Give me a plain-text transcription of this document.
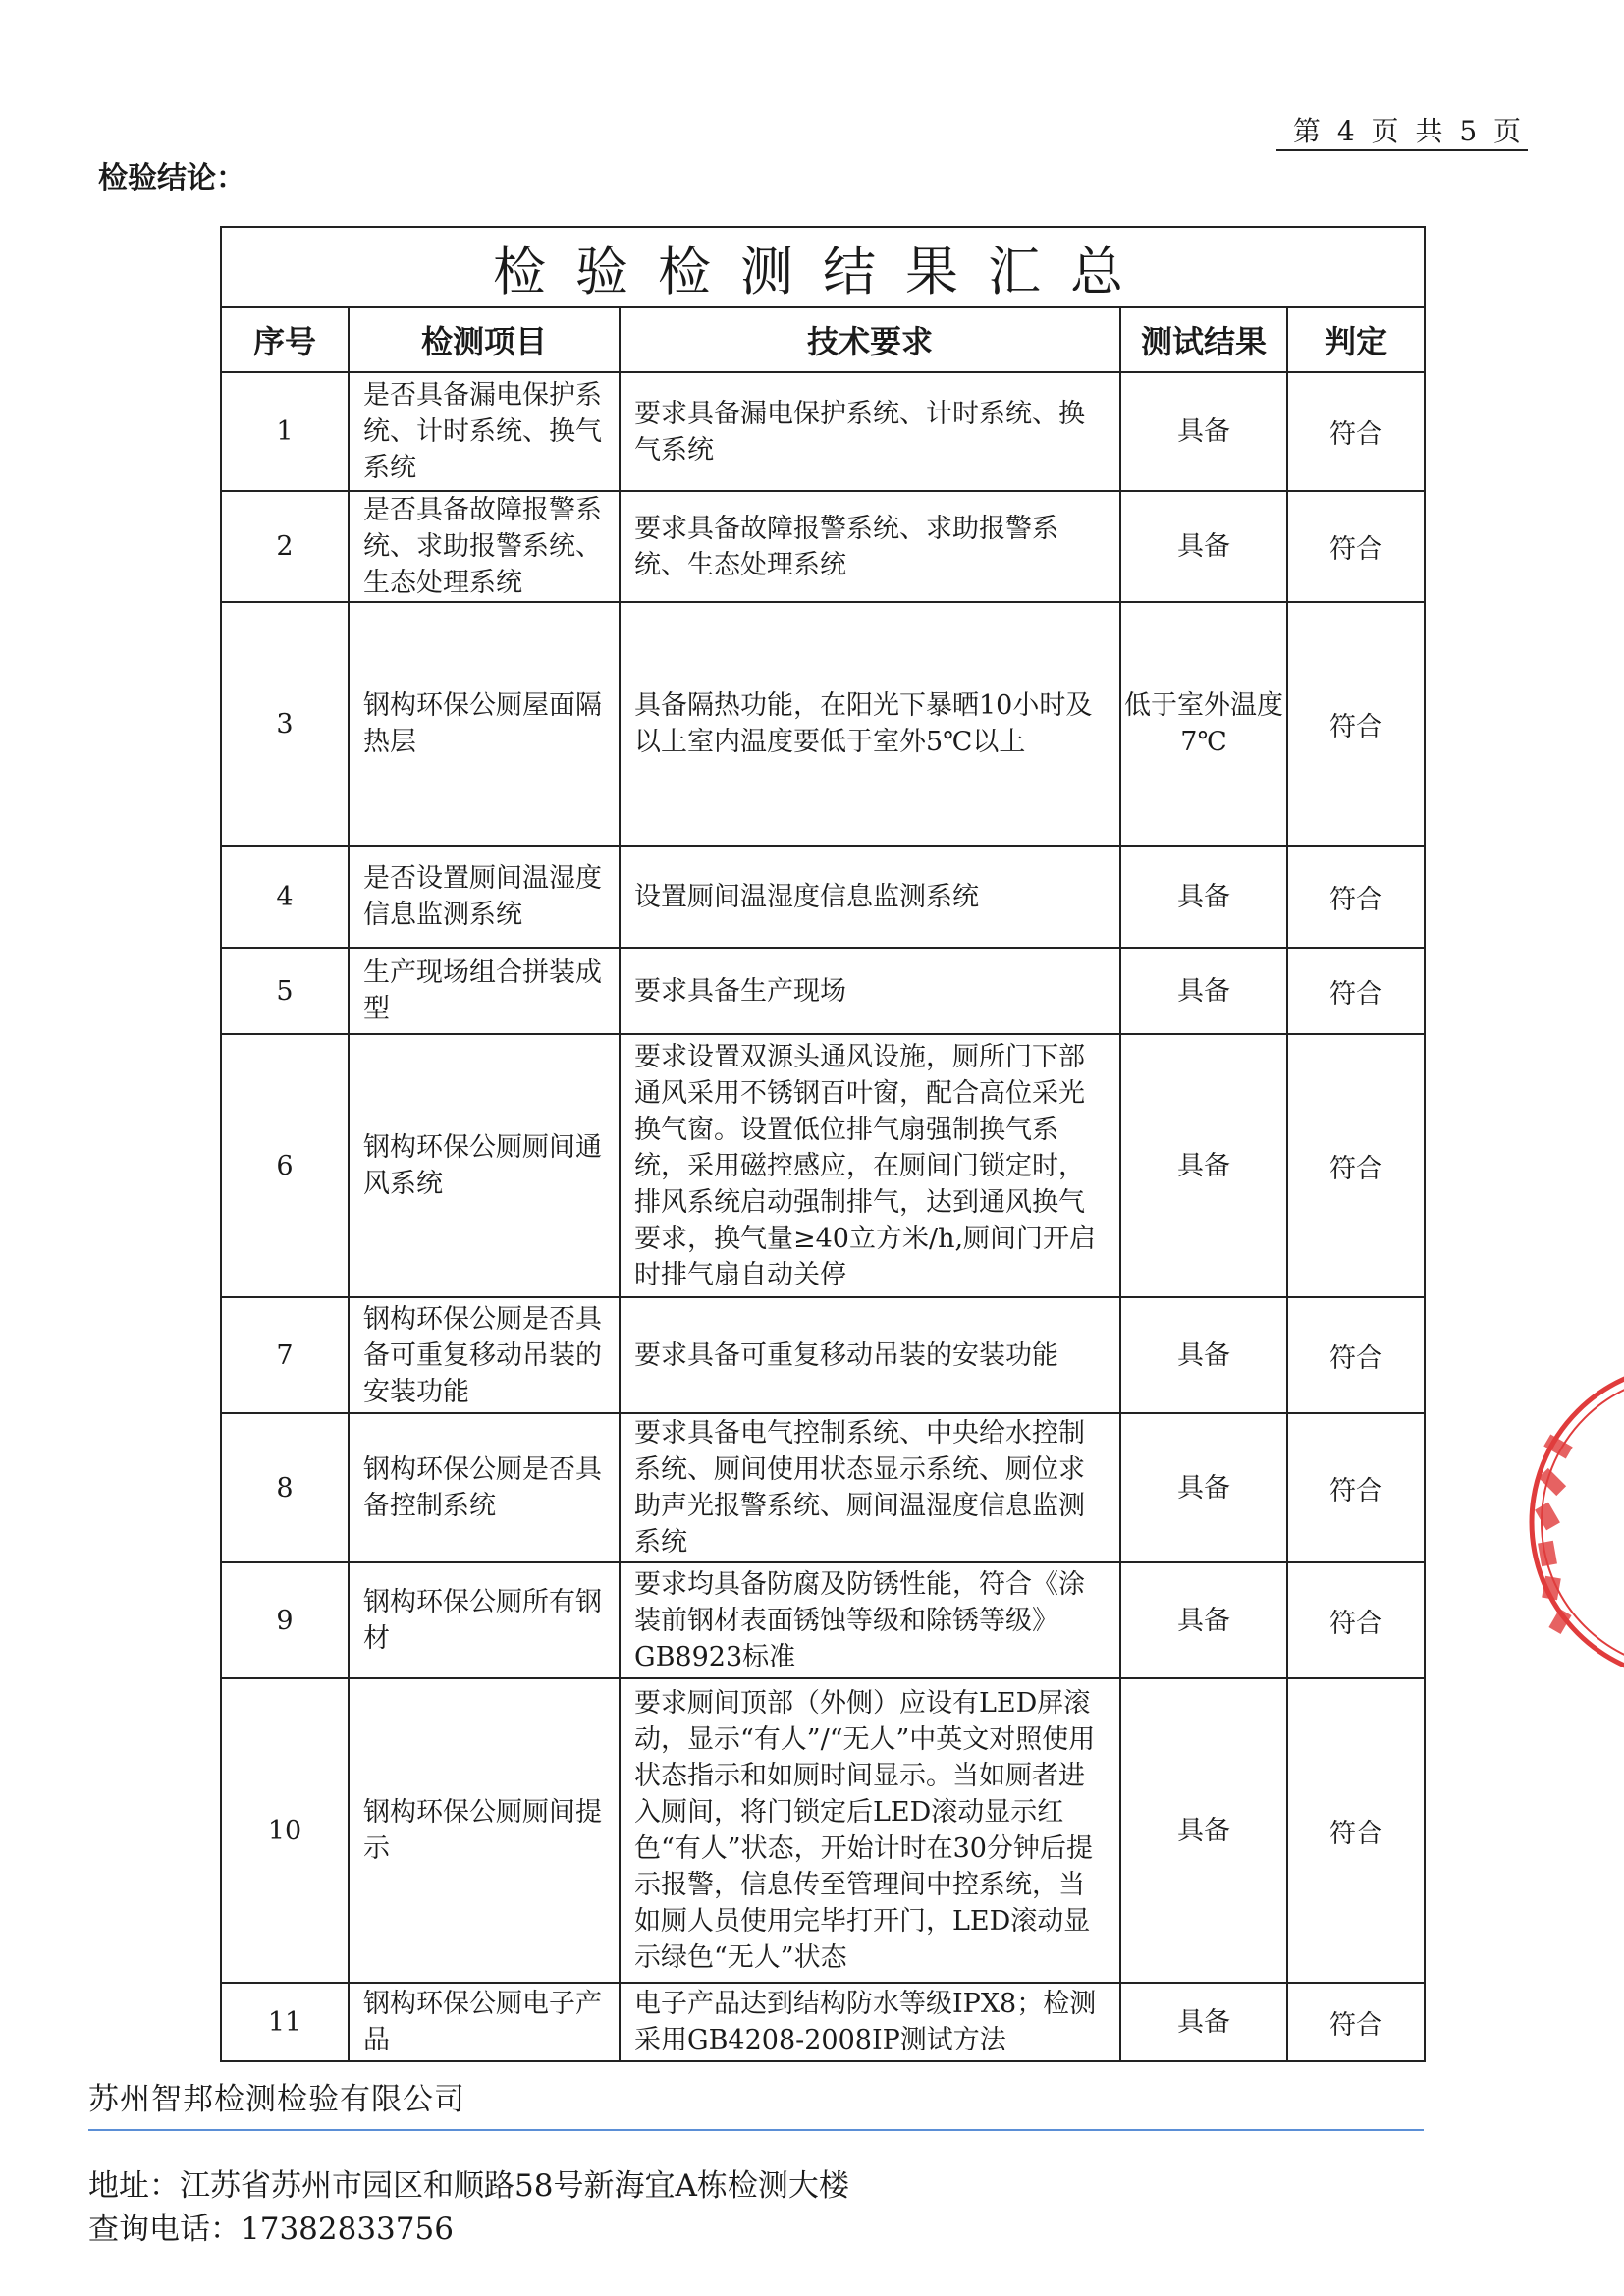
第 4 页 共 5 页
检验结论：
检验检测结果汇总				
序号	检测项目	技术要求	测试结果	判定
1	是否具备漏电保护系统、计时系统、换气系统	要求具备漏电保护系统、计时系统、换气系统	具备	符合
2	是否具备故障报警系统、求助报警系统、生态处理系统	要求具备故障报警系统、求助报警系统、生态处理系统	具备	符合
3	钢构环保公厕屋面隔热层	具备隔热功能，在阳光下暴晒10小时及以上室内温度要低于室外5℃以上	低于室外温度7℃	符合
4	是否设置厕间温湿度信息监测系统	设置厕间温湿度信息监测系统	具备	符合
5	生产现场组合拼装成型	要求具备生产现场	具备	符合
6	钢构环保公厕厕间通风系统	要求设置双源头通风设施，厕所门下部通风采用不锈钢百叶窗，配合高位采光换气窗。设置低位排气扇强制换气系统，采用磁控感应，在厕间门锁定时，排风系统启动强制排气，达到通风换气要求，换气量≥40立方米/h,厕间门开启时排气扇自动关停	具备	符合
7	钢构环保公厕是否具备可重复移动吊装的安装功能	要求具备可重复移动吊装的安装功能	具备	符合
8	钢构环保公厕是否具备控制系统	要求具备电气控制系统、中央给水控制系统、厕间使用状态显示系统、厕位求助声光报警系统、厕间温湿度信息监测系统	具备	符合
9	钢构环保公厕所有钢材	要求均具备防腐及防锈性能，符合《涂装前钢材表面锈蚀等级和除锈等级》GB8923标准	具备	符合
10	钢构环保公厕厕间提示	要求厕间顶部（外侧）应设有LED屏滚动，显示“有人”/“无人”中英文对照使用状态指示和如厕时间显示。当如厕者进入厕间，将门锁定后LED滚动显示红色“有人”状态，开始计时在30分钟后提示报警，信息传至管理间中控系统，当如厕人员使用完毕打开门，LED滚动显示绿色“无人”状态	具备	符合
11	钢构环保公厕电子产品	电子产品达到结构防水等级IPX8；检测采用GB4208-2008IP测试方法	具备	符合
苏州智邦检测检验有限公司
地址：江苏省苏州市园区和顺路58号新海宜A栋检测大楼
查询电话：17382833756
